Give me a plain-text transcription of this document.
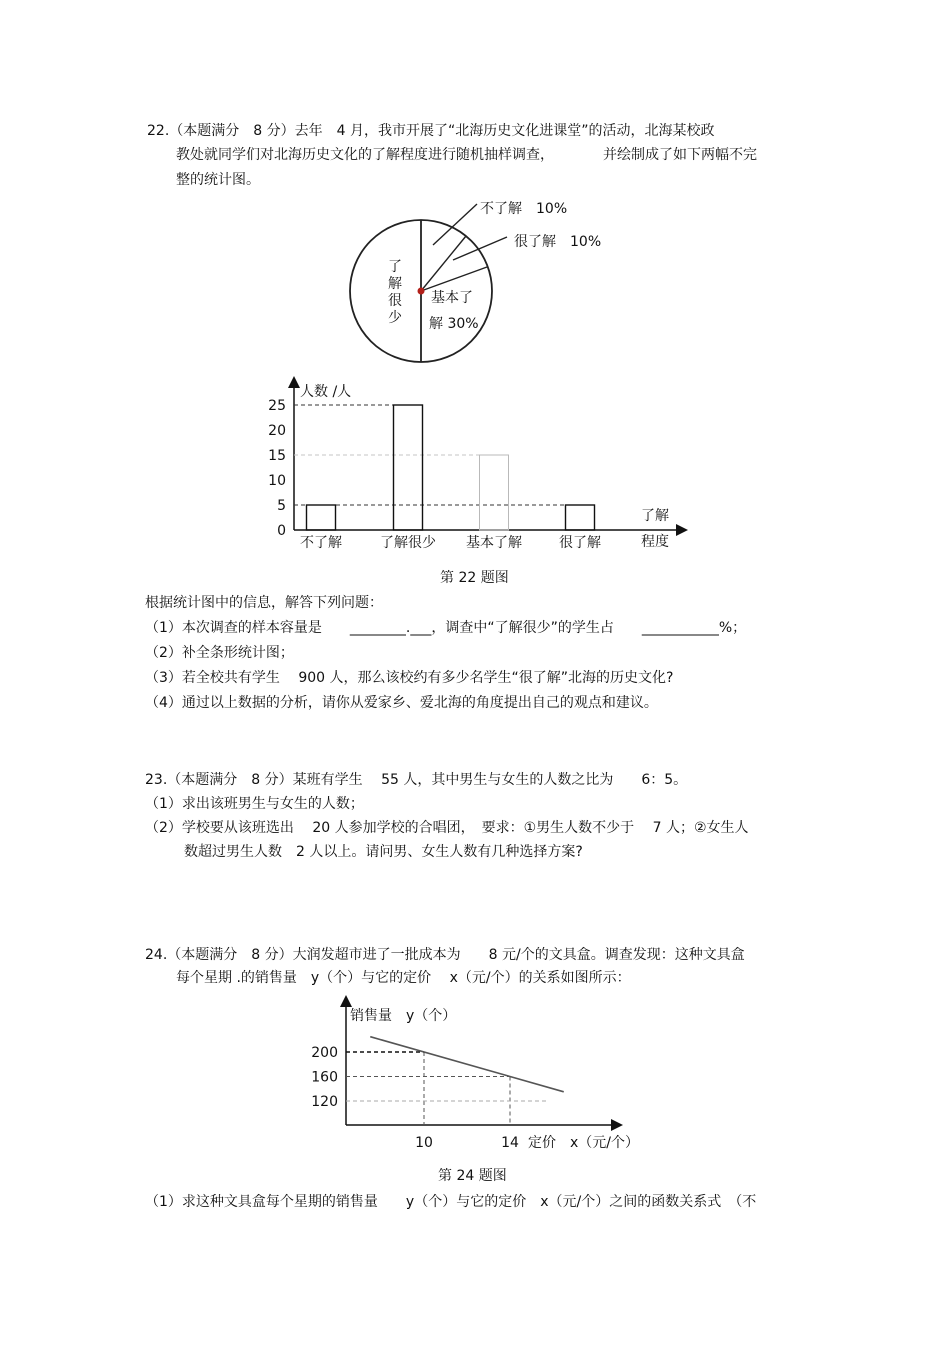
22.（本题满分　8 分）去年　4 月，我市开展了“北海历史文化进课堂”的活动，北海某校政
教处就同学们对北海历史文化的了解程度进行随机抽样调查，　　　　并绘制成了如下两幅不完
整的统计图。
不了解　10%
很了解　10%
了
解
很
少
基本了
解 30%
人数 /人
了解
程度
0
5
10
15
20
25
不了解	了解很少 基本了解	很了解
第 22 题图
根据统计图中的信息，解答下列问题：
（1）本次调查的样本容量是　　________.___，调查中“了解很少”的学生占　　___________%；
（2）补全条形统计图；
（3）若全校共有学生　 900 人，那么该校约有多少名学生“很了解”北海的历史文化?
（4）通过以上数据的分析，请你从爱家乡、爱北海的角度提出自己的观点和建议。
23.（本题满分　8 分）某班有学生　 55 人，其中男生与女生的人数之比为　　6：5。
（1）求出该班男生与女生的人数；
（2）学校要从该班选出　 20 人参加学校的合唱团，　要求：①男生人数不少于　 7 人；②女生人
数超过男生人数　2 人以上。请问男、女生人数有几种选择方案?
24.（本题满分　8 分）大润发超市进了一批成本为　　8 元/个的文具盒。调查发现：这种文具盒
每个星期 .的销售量　y（个）与它的定价　 x（元/个）的关系如图所示：
销售量　y（个）
定价　x（元/个）
120
160
200
10	14
第 24 题图
（1）求这种文具盒每个星期的销售量　　y（个）与它的定价　x（元/个）之间的函数关系式　（不
